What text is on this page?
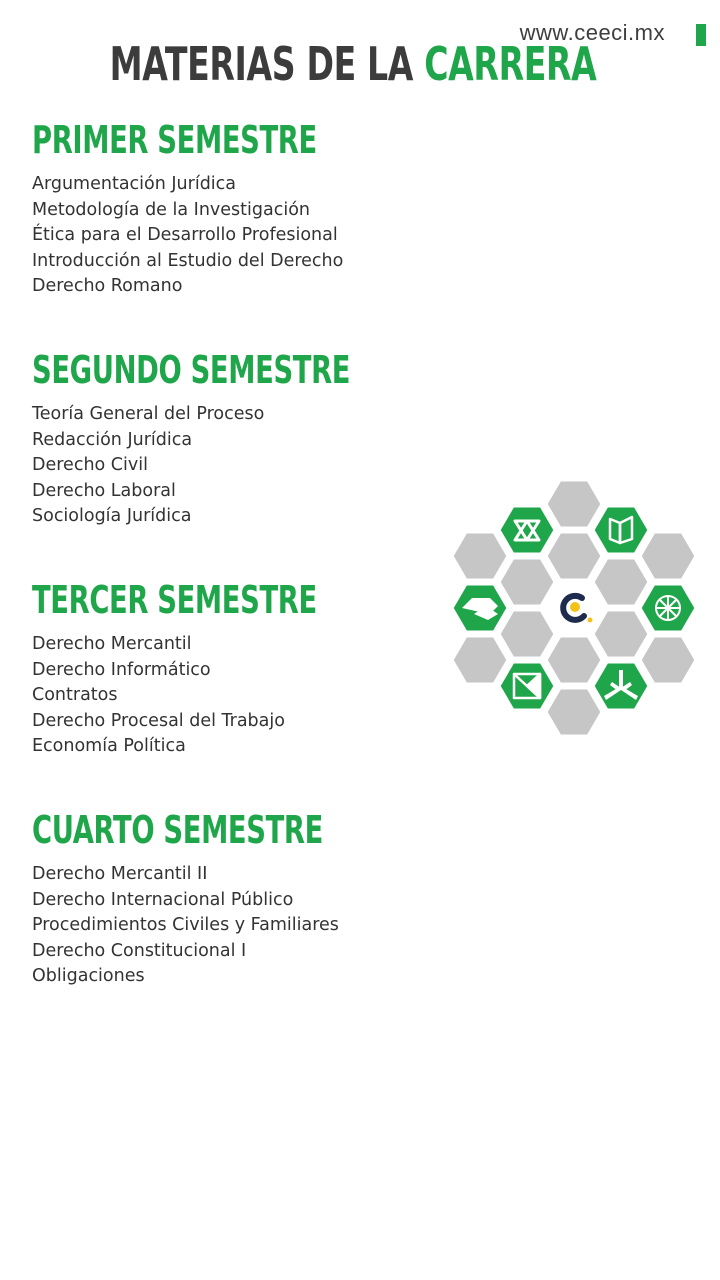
www.ceeci.mx
MATERIAS DE LA CARRERA
PRIMER SEMESTRE
Argumentación Jurídica
Metodología de la Investigación
Ética para el Desarrollo Profesional
Introducción al Estudio del Derecho
Derecho Romano
SEGUNDO SEMESTRE
Teoría General del Proceso
Redacción Jurídica
Derecho Civil
Derecho Laboral
Sociología Jurídica
TERCER SEMESTRE
Derecho Mercantil
Derecho Informático
Contratos
Derecho Procesal del Trabajo
Economía Política
CUARTO SEMESTRE
Derecho Mercantil II
Derecho Internacional Público
Procedimientos Civiles y Familiares
Derecho Constitucional I
Obligaciones
